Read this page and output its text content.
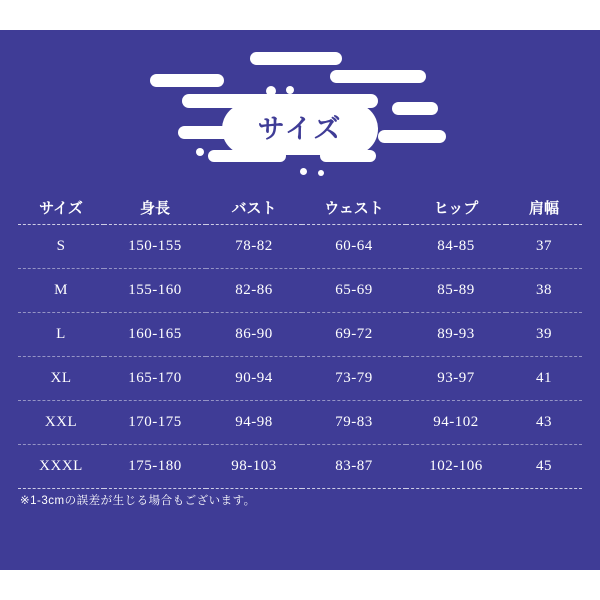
サイズ
サイズ	身長	バスト	ウェスト	ヒップ	肩幅
S	150-155	78-82	60-64	84-85	37
M	155-160	82-86	65-69	85-89	38
L	160-165	86-90	69-72	89-93	39
XL	165-170	90-94	73-79	93-97	41
XXL	170-175	94-98	79-83	94-102	43
XXXL	175-180	98-103	83-87	102-106	45
※1-3cmの誤差が生じる場合もございます。
